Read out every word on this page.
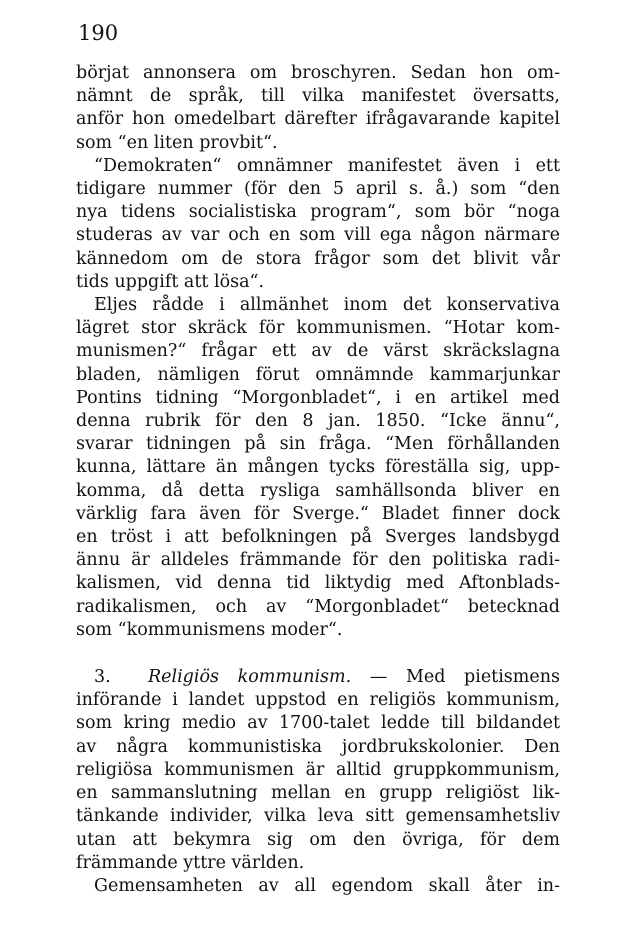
190

börjat annonsera om broschyren. Sedan hon om-
nämnt de språk, till vilka manifestet översatts,
anför hon omedelbart därefter ifrågavarande kapitel
som “en liten provbit“.

“Demokraten“ omnämner manifestet även i ett
tidigare nummer (för den 5 april s. å.) som “den
nya tidens socialistiska program“, som bör “noga
studeras av var och en som vill ega någon närmare
kännedom om de stora frågor som det blivit vår
tids uppgift att lösa“.

Eljes rådde i allmänhet inom det konservativa
lägret stor skräck för kommunismen. “Hotar kom-
munismen?“ frågar ett av de värst skräckslagna
bladen, nämligen förut omnämnde kammarjunkar
Pontins tidning “Morgonbladet“, i en artikel med
denna rubrik för den 8 jan. 1850. “Icke ännu“,
svarar tidningen på sin fråga. “Men förhållanden
kunna, lättare än mången tycks föreställa sig, upp-
komma, då detta rysliga samhällsonda bliver en
värklig fara även för Sverge.“ Bladet finner dock
en tröst i att befolkningen på Sverges landsbygd
ännu är alldeles främmande för den politiska radi-
kalismen, vid denna tid liktydig med Aftonblads-
radikalismen, och av “Morgonbladet“ betecknad
som “kommunismens moder“.

3. Religiös kommunism. — Med pietismens
införande i landet uppstod en religiös kommunism,
som kring medio av 1700-talet ledde till bildandet
av några kommunistiska jordbrukskolonier. Den
religiösa kommunismen är alltid gruppkommunism,
en sammanslutning mellan en grupp religiöst lik-
tänkande individer, vilka leva sitt gemensamhetsliv
utan att bekymra sig om den övriga, för dem
främmande yttre världen.

Gemensamheten av all egendom skall åter in-
